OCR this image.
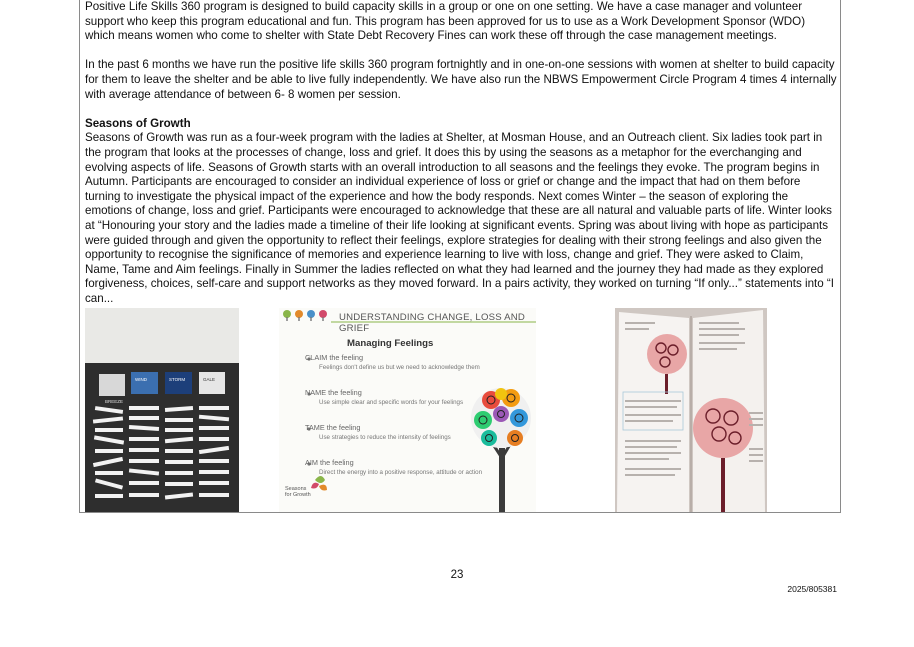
Positive Life Skills 360 program is designed to build capacity skills in a group or one on one setting. We have a case manager and volunteer support who keep this program educational and fun. This program has been approved for us to use as a Work Development Sponsor (WDO) which means women who come to shelter with State Debt Recovery Fines can work these off through the case management meetings.

In the past 6 months we have run the positive life skills 360 program fortnightly and in one-on-one sessions with women at shelter to build capacity for them to leave the shelter and be able to live fully independently. We have also run the NBWS Empowerment Circle Program 4 times 4 internally with average attendance of between 6- 8 women per session.

Seasons of Growth

Seasons of Growth was run as a four-week program with the ladies at Shelter, at Mosman House, and an Outreach client. Six ladies took part in the program that looks at the processes of change, loss and grief. It does this by using the seasons as a metaphor for the everchanging and evolving aspects of life. Seasons of Growth starts with an overall introduction to all seasons and the feelings they evoke. The program begins in Autumn. Participants are encouraged to consider an individual experience of loss or grief or change and the impact that had on them before turning to investigate the physical impact of the experience and how the body responds. Next comes Winter – the season of exploring the emotions of change, loss and grief. Participants were encouraged to acknowledge that these are all natural and valuable parts of life. Winter looks at “Honouring your story and the ladies made a timeline of their life looking at significant events. Spring was about living with hope as participants were guided through and given the opportunity to reflect their feelings, explore strategies for dealing with their strong feelings and also given the opportunity to recognise the significance of memories and experience learning to live with loss, change and grief. They were asked to Claim, Name, Tame and Aim feelings. Finally in Summer the ladies reflected on what they had learned and the journey they had made as they explored forgiveness, choices, self-care and support networks as they moved forward. In a pairs activity, they worked on turning “If only...” statements into “I can...

BREEZE
WIND	STORM	GALE
UNDERSTANDING CHANGE, LOSS AND GRIEF
Managing Feelings
CLAIM the feeling
Feelings don't define us but we need to acknowledge them
NAME the feeling
Use simple clear and specific words for your feelings
TAME the feeling
Use strategies to reduce the intensity of feelings
AIM the feeling
Direct the energy into a positive response, attitude or action
Seasons
for Growth
23
2025/805381
